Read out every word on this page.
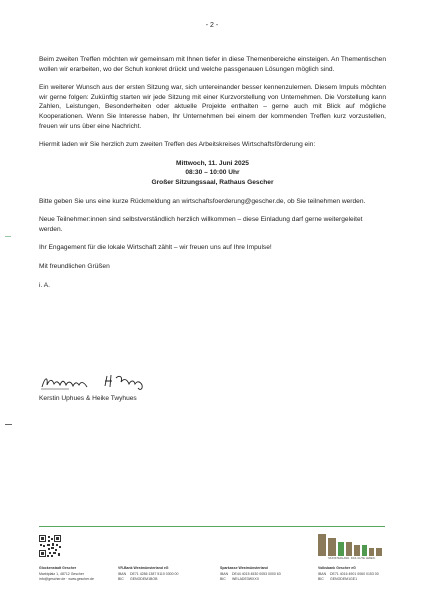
- 2 -

Beim zweiten Treffen möchten wir gemeinsam mit Ihnen tiefer in diese Themenbereiche einsteigen. An Thementischen wollen wir erarbeiten, wo der Schuh konkret drückt und welche passgenauen Lösungen möglich sind.

Ein weiterer Wunsch aus der ersten Sitzung war, sich untereinander besser kennenzulernen. Diesem Impuls möchten wir gerne folgen: Zukünftig starten wir jede Sitzung mit einer Kurzvorstellung von Unternehmen. Die Vorstellung kann Zahlen, Leistungen, Besonderheiten oder aktuelle Projekte enthalten – gerne auch mit Blick auf mögliche Kooperationen. Wenn Sie Interesse haben, Ihr Unternehmen bei einem der kommenden Treffen kurz vorzustellen, freuen wir uns über eine Nachricht.

Hiermit laden wir Sie herzlich zum zweiten Treffen des Arbeitskreises Wirtschaftsförderung ein:

Mittwoch, 11. Juni 2025
08:30 – 10:00 Uhr
Großer Sitzungssaal, Rathaus Gescher

Bitte geben Sie uns eine kurze Rückmeldung an wirtschaftsfoerderung@gescher.de, ob Sie teilnehmen werden.

Neue Teilnehmer:innen sind selbstverständlich herzlich willkommen – diese Einladung darf gerne weitergeleitet werden.

Ihr Engagement für die lokale Wirtschaft zählt – wir freuen uns auf Ihre Impulse!

Mit freundlichen Grüßen

i. A.

Kerstin Uphues & Heike Twyhues
MÜNSTERLAND. DAS GUTE LEBEN.
Glockenstadt Gescher
Marktplatz 1, 48712 Gescher
info@gescher.de · www.gescher.de
VR-Bank Westmünsterland eG
IBAN DE71 4286 1387 5110 0300 00
BIC GENODEM1BOB
Sparkasse Westmünsterland
IBAN DE44 4015 4530 0053 0000 63
BIC WELADE3WXXX
Volksbank Gescher eG
IBAN DE71 4016 4901 0060 0153 00
BIC GENODEM1GE1
